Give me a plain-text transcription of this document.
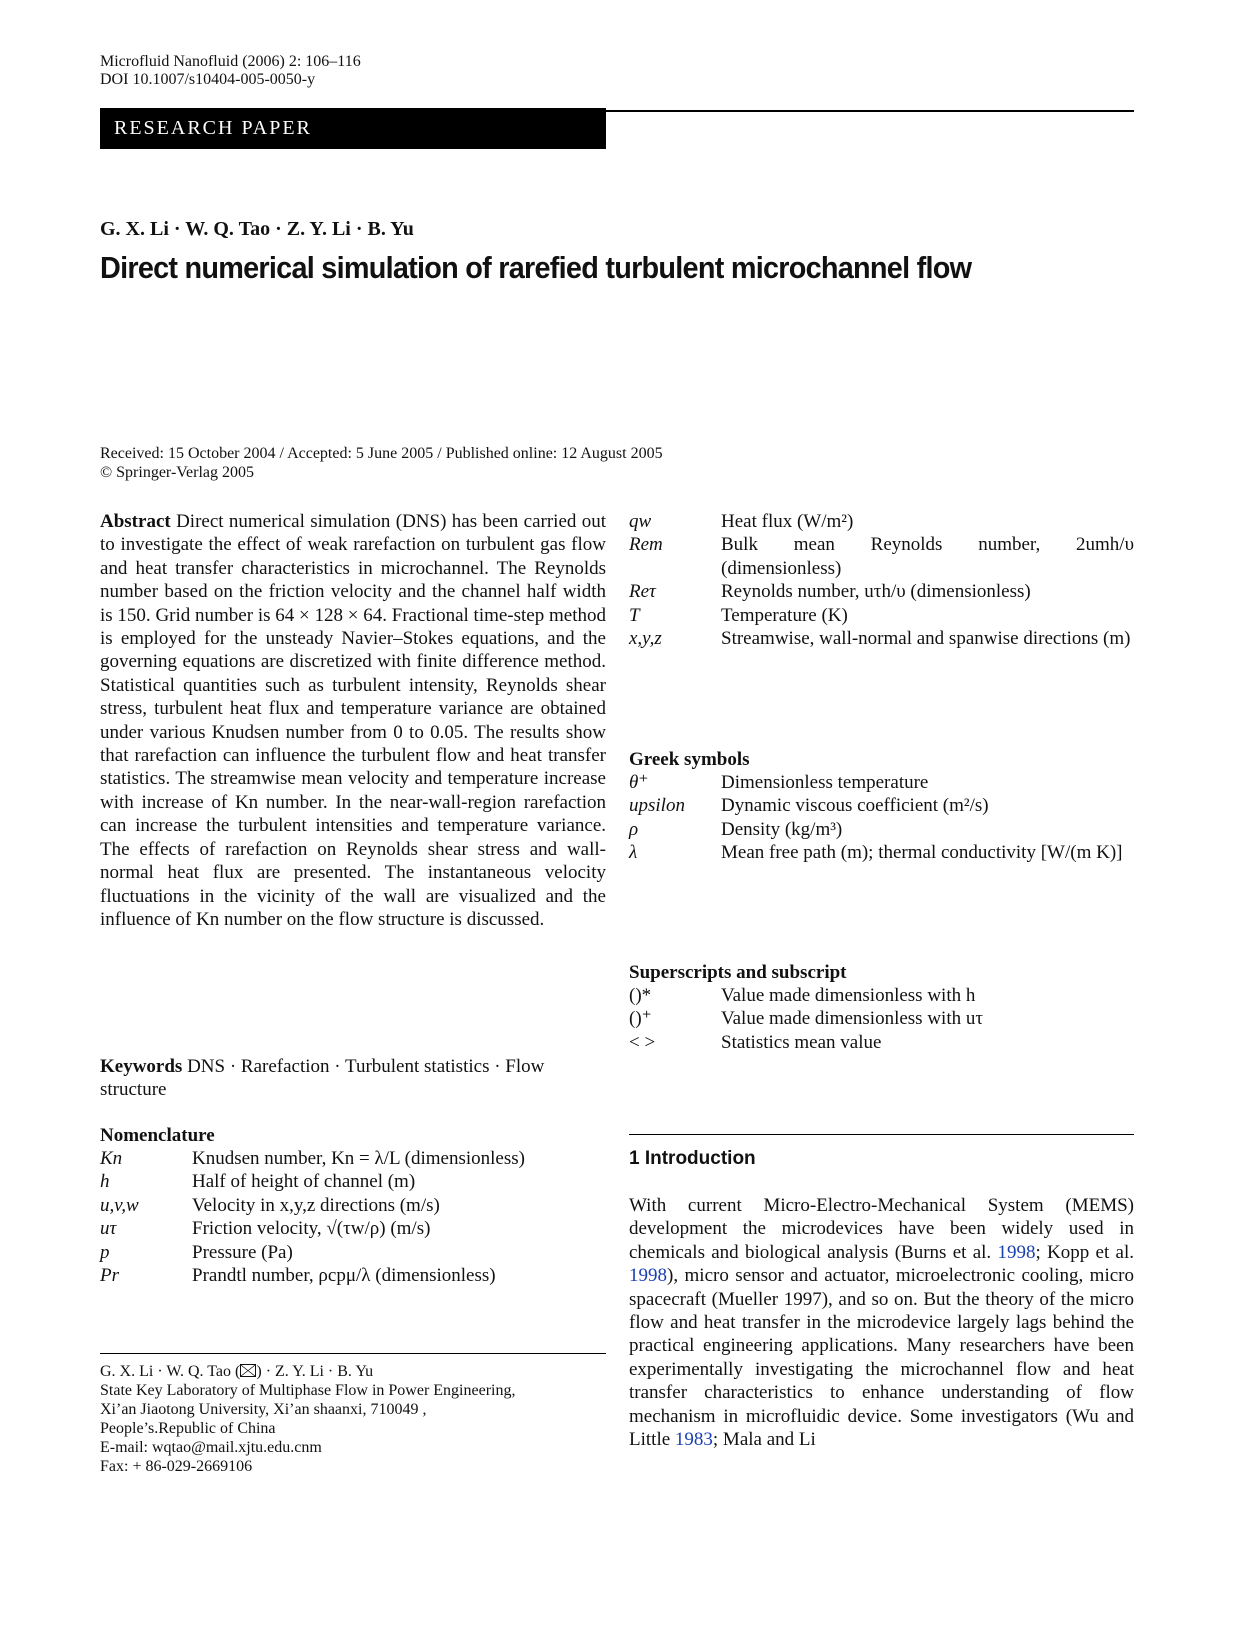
Microfluid Nanofluid (2006) 2: 106–116
DOI 10.1007/s10404-005-0050-y
RESEARCH PAPER
G. X. Li · W. Q. Tao · Z. Y. Li · B. Yu
Direct numerical simulation of rarefied turbulent microchannel flow
Received: 15 October 2004 / Accepted: 5 June 2005 / Published online: 12 August 2005
© Springer-Verlag 2005

Abstract Direct numerical simulation (DNS) has been carried out to investigate the effect of weak rarefaction on turbulent gas flow and heat transfer characteristics in microchannel. The Reynolds number based on the friction velocity and the channel half width is 150. Grid number is 64 × 128 × 64. Fractional time-step method is employed for the unsteady Navier–Stokes equations, and the governing equations are discretized with finite difference method. Statistical quantities such as turbulent intensity, Reynolds shear stress, turbulent heat flux and temperature variance are obtained under various Knudsen number from 0 to 0.05. The results show that rarefaction can influence the turbulent flow and heat transfer statistics. The streamwise mean velocity and temperature increase with increase of Kn number. In the near-wall-region rarefaction can increase the turbulent intensities and temperature variance. The effects of rarefaction on Reynolds shear stress and wall-normal heat flux are presented. The instantaneous velocity fluctuations in the vicinity of the wall are visualized and the influence of Kn number on the flow structure is discussed.

Keywords DNS · Rarefaction · Turbulent statistics · Flow structure
Nomenclature
Kn	Knudsen number, Kn = λ/L (dimensionless)
h	Half of height of channel (m)
u,v,w	Velocity in x,y,z directions (m/s)
uτ	Friction velocity, √(τw/ρ) (m/s)
p	Pressure (Pa)
Pr	Prandtl number, ρcpμ/λ (dimensionless)
G. X. Li · W. Q. Tao ( ) · Z. Y. Li · B. Yu
State Key Laboratory of Multiphase Flow in Power Engineering,
Xi’an Jiaotong University, Xi’an shaanxi, 710049 ,
People’s.Republic of China
E-mail: wqtao@mail.xjtu.edu.cnm
Fax: + 86-029-2669106
qw	Heat flux (W/m²)
Rem	Bulk mean Reynolds number, 2umh/υ (dimensionless)
Reτ	Reynolds number, uτh/υ (dimensionless)
T	Temperature (K)
x,y,z	Streamwise, wall-normal and spanwise directions (m)
Greek symbols
θ⁺	Dimensionless temperature
upsilon	Dynamic viscous coefficient (m²/s)
ρ	Density (kg/m³)
λ	Mean free path (m); thermal conductivity [W/(m K)]
Superscripts and subscript
()*	Value made dimensionless with h
()⁺	Value made dimensionless with uτ
< >	Statistics mean value
1 Introduction

With current Micro-Electro-Mechanical System (MEMS) development the microdevices have been widely used in chemicals and biological analysis (Burns et al. 1998; Kopp et al. 1998), micro sensor and actuator, microelectronic cooling, micro spacecraft (Mueller 1997), and so on. But the theory of the micro flow and heat transfer in the microdevice largely lags behind the practical engineering applications. Many researchers have been experimentally investigating the microchannel flow and heat transfer characteristics to enhance understanding of flow mechanism in microfluidic device. Some investigators (Wu and Little 1983; Mala and Li
